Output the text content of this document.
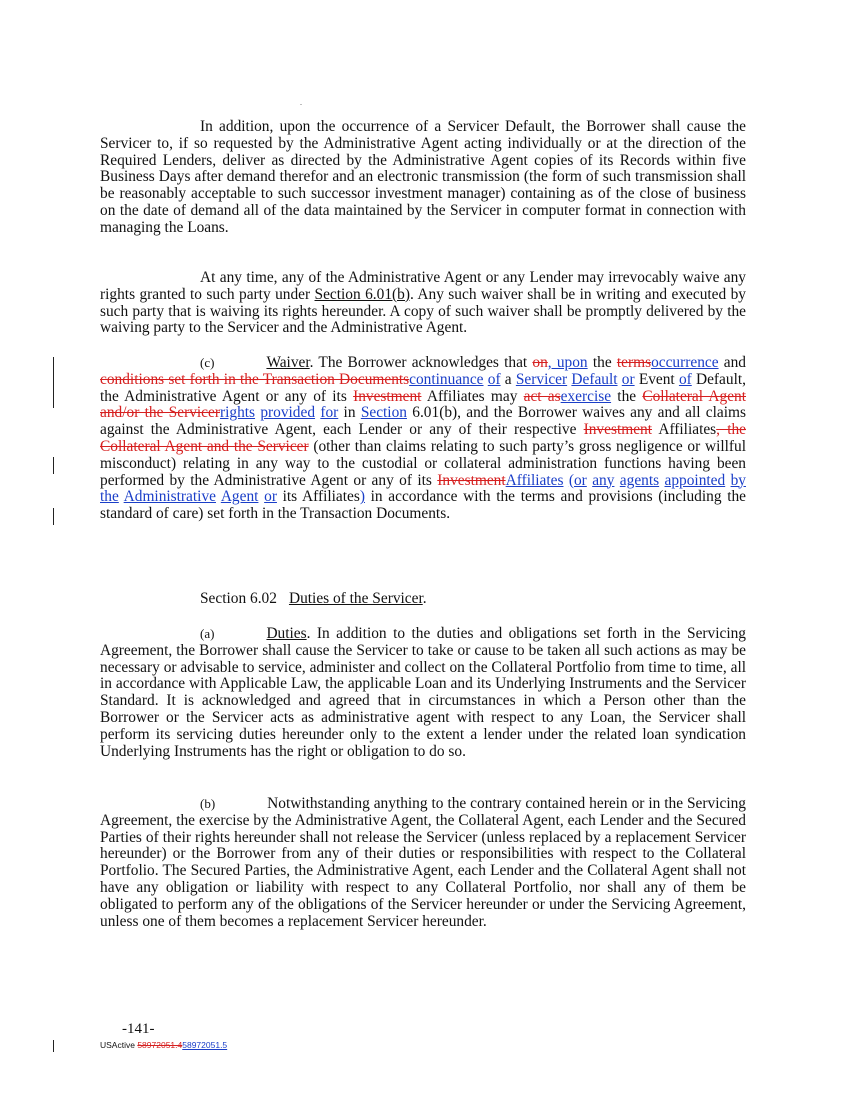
.

In addition, upon the occurrence of a Servicer Default, the Borrower shall cause the Servicer to, if so requested by the Administrative Agent acting individually or at the direction of the Required Lenders, deliver as directed by the Administrative Agent copies of its Records within five Business Days after demand therefor and an electronic transmission (the form of such transmission shall be reasonably acceptable to such successor investment manager) containing as of the close of business on the date of demand all of the data maintained by the Servicer in computer format in connection with managing the Loans.

At any time, any of the Administrative Agent or any Lender may irrevocably waive any rights granted to such party under Section 6.01(b). Any such waiver shall be in writing and executed by such party that is waiving its rights hereunder. A copy of such waiver shall be promptly delivered by the waiving party to the Servicer and the Administrative Agent.

(c)	Waiver. The Borrower acknowledges that on, upon the termsoccurrence and conditions set forth in the Transaction Documentscontinuance of a Servicer Default or Event of Default, the Administrative Agent or any of its Investment Affiliates may act asexercise the Collateral Agent and/or the Servicerrights provided for in Section 6.01(b), and the Borrower waives any and all claims against the Administrative Agent, each Lender or any of their respective Investment Affiliates, the Collateral Agent and the Servicer (other than claims relating to such party’s gross negligence or willful misconduct) relating in any way to the custodial or collateral administration functions having been performed by the Administrative Agent or any of its InvestmentAffiliates (or any agents appointed by the Administrative Agent or its Affiliates) in accordance with the terms and provisions (including the standard of care) set forth in the Transaction Documents.

Section 6.02 Duties of the Servicer.

(a)	Duties. In addition to the duties and obligations set forth in the Servicing Agreement, the Borrower shall cause the Servicer to take or cause to be taken all such actions as may be necessary or advisable to service, administer and collect on the Collateral Portfolio from time to time, all in accordance with Applicable Law, the applicable Loan and its Underlying Instruments and the Servicer Standard. It is acknowledged and agreed that in circumstances in which a Person other than the Borrower or the Servicer acts as administrative agent with respect to any Loan, the Servicer shall perform its servicing duties hereunder only to the extent a lender under the related loan syndication Underlying Instruments has the right or obligation to do so.

(b)	Notwithstanding anything to the contrary contained herein or in the Servicing Agreement, the exercise by the Administrative Agent, the Collateral Agent, each Lender and the Secured Parties of their rights hereunder shall not release the Servicer (unless replaced by a replacement Servicer hereunder) or the Borrower from any of their duties or responsibilities with respect to the Collateral Portfolio. The Secured Parties, the Administrative Agent, each Lender and the Collateral Agent shall not have any obligation or liability with respect to any Collateral Portfolio, nor shall any of them be obligated to perform any of the obligations of the Servicer hereunder or under the Servicing Agreement, unless one of them becomes a replacement Servicer hereunder.

-141-
USActive 58972051.458972051.5
